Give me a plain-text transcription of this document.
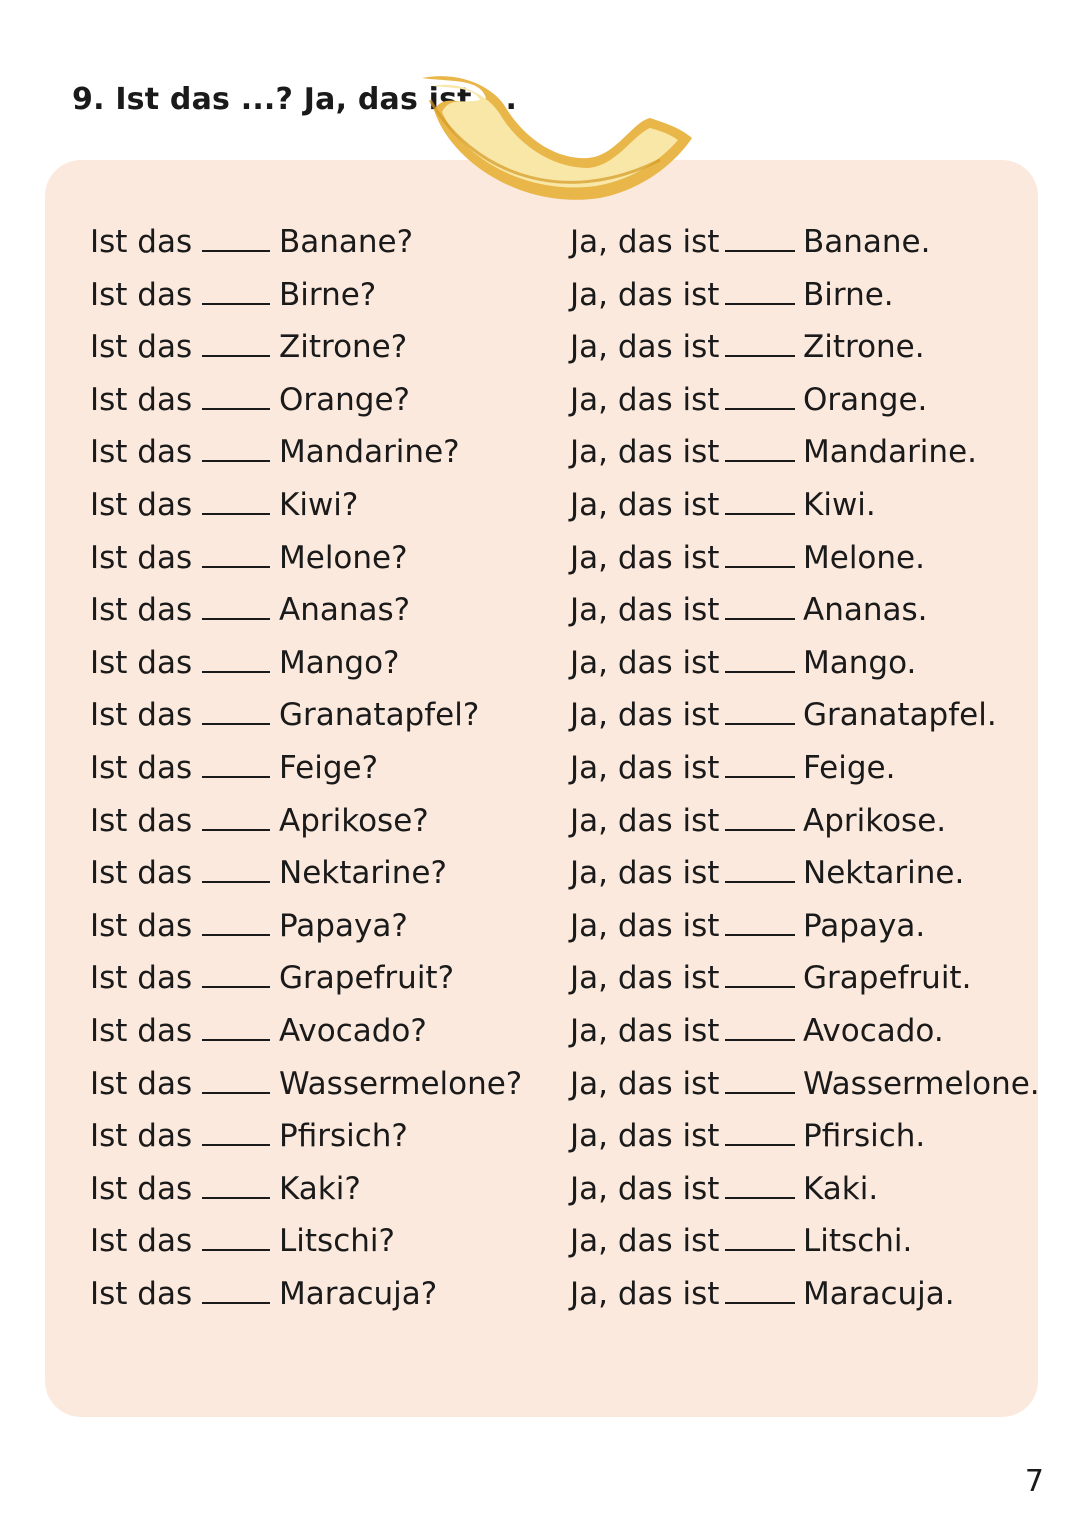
9. Ist das ...? Ja, das ist ...
Ist das	Banane?	Ja, das ist	Banane.
Ist das	Birne?	Ja, das ist	Birne.
Ist das	Zitrone?	Ja, das ist	Zitrone.
Ist das	Orange?	Ja, das ist	Orange.
Ist das	Mandarine?	Ja, das ist	Mandarine.
Ist das	Kiwi?	Ja, das ist	Kiwi.
Ist das	Melone?	Ja, das ist	Melone.
Ist das	Ananas?	Ja, das ist	Ananas.
Ist das	Mango?	Ja, das ist	Mango.
Ist das	Granatapfel?	Ja, das ist	Granatapfel.
Ist das	Feige?	Ja, das ist	Feige.
Ist das	Aprikose?	Ja, das ist	Aprikose.
Ist das	Nektarine?	Ja, das ist	Nektarine.
Ist das	Papaya?	Ja, das ist	Papaya.
Ist das	Grapefruit?	Ja, das ist	Grapefruit.
Ist das	Avocado?	Ja, das ist	Avocado.
Ist das	Wassermelone? Ja, das ist	Wassermelone.
Ist das	Pfirsich?	Ja, das ist	Pfirsich.
Ist das	Kaki?	Ja, das ist	Kaki.
Ist das	Litschi?	Ja, das ist	Litschi.
Ist das	Maracuja?	Ja, das ist	Maracuja.
7
